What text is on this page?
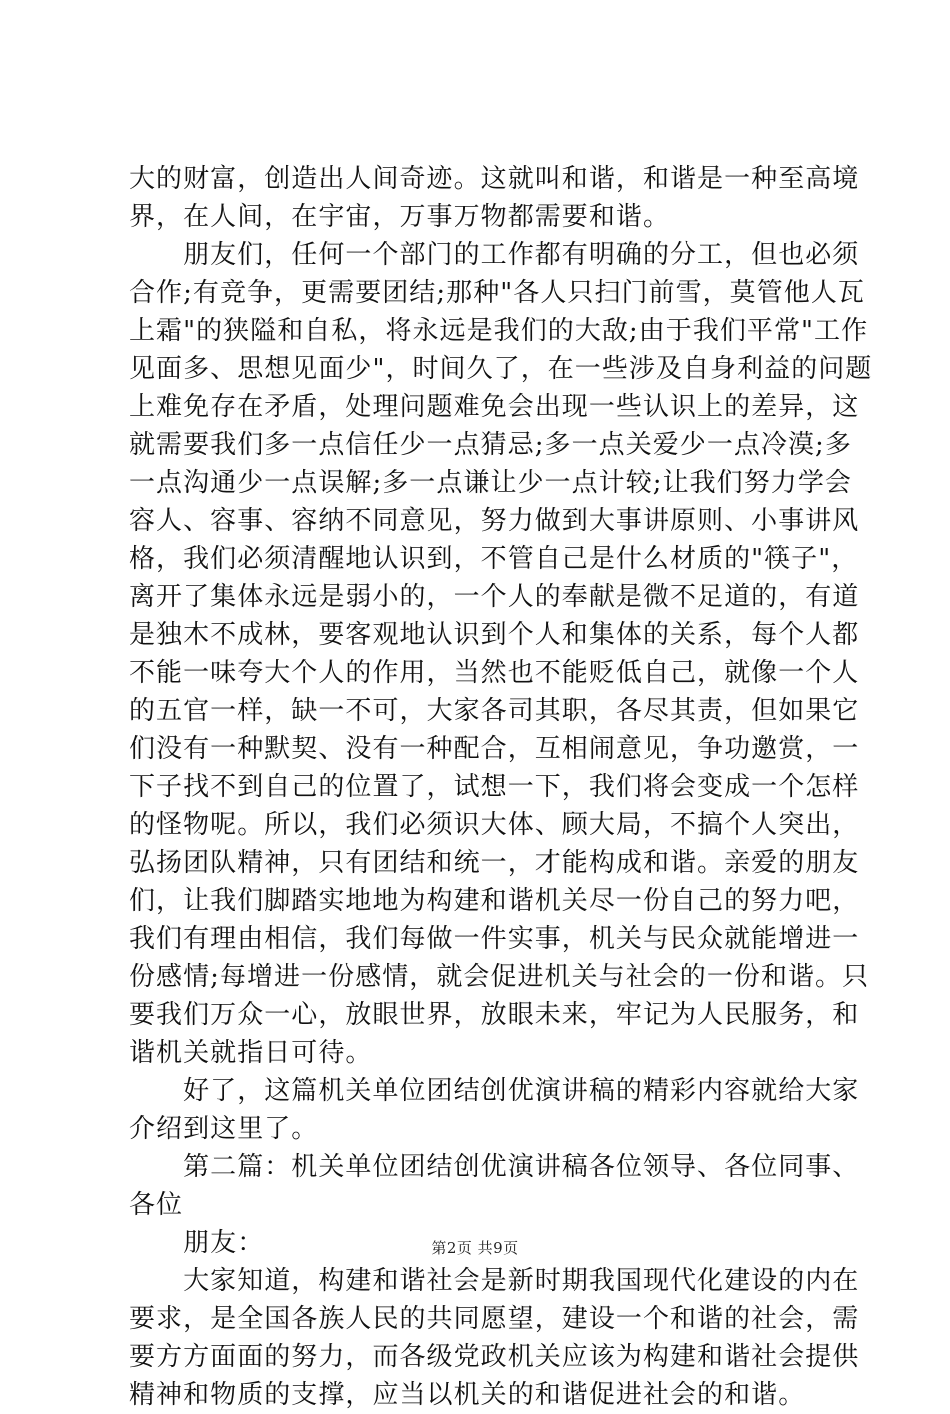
大的财富，创造出人间奇迹。这就叫和谐，和谐是一种至高境
界，在人间，在宇宙，万事万物都需要和谐。
　　朋友们，任何一个部门的工作都有明确的分工，但也必须
合作;有竞争，更需要团结;那种"各人只扫门前雪，莫管他人瓦
上霜"的狭隘和自私，将永远是我们的大敌;由于我们平常"工作
见面多、思想见面少"，时间久了，在一些涉及自身利益的问题
上难免存在矛盾，处理问题难免会出现一些认识上的差异，这
就需要我们多一点信任少一点猜忌;多一点关爱少一点冷漠;多
一点沟通少一点误解;多一点谦让少一点计较;让我们努力学会
容人、容事、容纳不同意见，努力做到大事讲原则、小事讲风
格，我们必须清醒地认识到，不管自己是什么材质的"筷子"，
离开了集体永远是弱小的，一个人的奉献是微不足道的，有道
是独木不成林，要客观地认识到个人和集体的关系，每个人都
不能一味夸大个人的作用，当然也不能贬低自己，就像一个人
的五官一样，缺一不可，大家各司其职，各尽其责，但如果它
们没有一种默契、没有一种配合，互相闹意见，争功邀赏，一
下子找不到自己的位置了，试想一下，我们将会变成一个怎样
的怪物呢。所以，我们必须识大体、顾大局，不搞个人突出，
弘扬团队精神，只有团结和统一，才能构成和谐。亲爱的朋友
们，让我们脚踏实地地为构建和谐机关尽一份自己的努力吧，
我们有理由相信，我们每做一件实事，机关与民众就能增进一
份感情;每增进一份感情，就会促进机关与社会的一份和谐。只
要我们万众一心，放眼世界，放眼未来，牢记为人民服务，和
谐机关就指日可待。
　　好了，这篇机关单位团结创优演讲稿的精彩内容就给大家
介绍到这里了。
　　第二篇：机关单位团结创优演讲稿各位领导、各位同事、
各位
　　朋友：
　　大家知道，构建和谐社会是新时期我国现代化建设的内在
要求，是全国各族人民的共同愿望，建设一个和谐的社会，需
要方方面面的努力，而各级党政机关应该为构建和谐社会提供
精神和物质的支撑，应当以机关的和谐促进社会的和谐。
第2页 共9页
